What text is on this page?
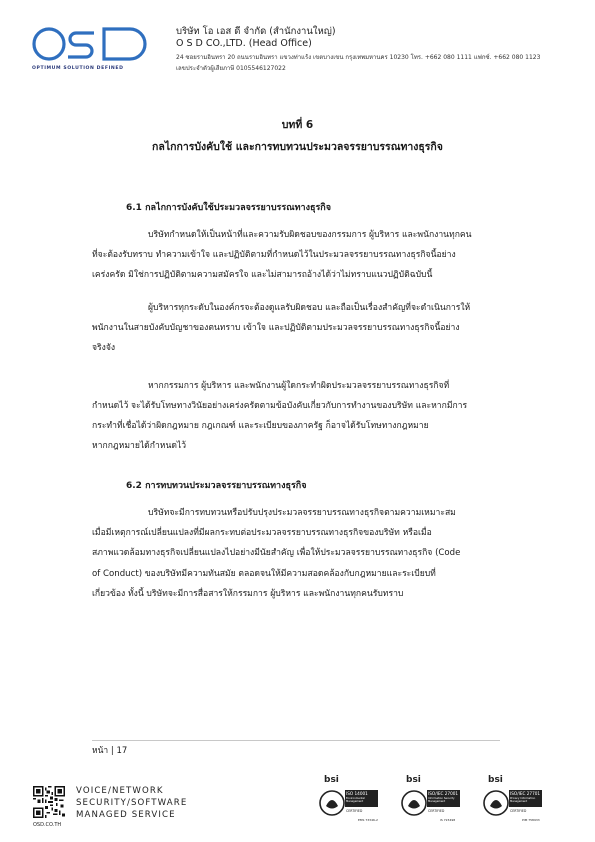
OPTIMUM SOLUTION DEFINED
บริษัท โอ เอส ดี จำกัด (สำนักงานใหญ่)
O S D CO.,LTD. (Head Office)
24 ซอยรามอินทรา 20 ถนนรามอินทรา แขวงท่าแร้ง เขตบางเขน กรุงเทพมหานคร 10230 โทร. +662 080 1111 แฟกซ์. +662 080 1123
เลขประจำตัวผู้เสียภาษี 0105546127022
บทที่ 6
กลไกการบังคับใช้ และการทบทวนประมวลจรรยาบรรณทางธุรกิจ
6.1 กลไกการบังคับใช้ประมวลจรรยาบรรณทางธุรกิจ
บริษัทกำหนดให้เป็นหน้าที่และความรับผิดชอบของกรรมการ ผู้บริหาร และพนักงานทุกคน
ที่จะต้องรับทราบ ทำความเข้าใจ และปฏิบัติตามที่กำหนดไว้ในประมวลจรรยาบรรณทางธุรกิจนี้อย่าง
เคร่งครัด มิใช่การปฏิบัติตามความสมัครใจ และไม่สามารถอ้างได้ว่าไม่ทราบแนวปฏิบัติฉบับนี้
ผู้บริหารทุกระดับในองค์กรจะต้องดูแลรับผิดชอบ และถือเป็นเรื่องสำคัญที่จะดำเนินการให้
พนักงานในสายบังคับบัญชาของตนทราบ เข้าใจ และปฏิบัติตามประมวลจรรยาบรรณทางธุรกิจนี้อย่าง
จริงจัง
หากกรรมการ ผู้บริหาร และพนักงานผู้ใดกระทำผิดประมวลจรรยาบรรณทางธุรกิจที่
กำหนดไว้ จะได้รับโทษทางวินัยอย่างเคร่งครัดตามข้อบังคับเกี่ยวกับการทำงานของบริษัท และหากมีการ
กระทำที่เชื่อได้ว่าผิดกฎหมาย กฎเกณฑ์ และระเบียบของภาครัฐ ก็อาจได้รับโทษทางกฎหมาย
หากกฎหมายได้กำหนดไว้
6.2 การทบทวนประมวลจรรยาบรรณทางธุรกิจ
บริษัทจะมีการทบทวนหรือปรับปรุงประมวลจรรยาบรรณทางธุรกิจตามความเหมาะสม
เมื่อมีเหตุการณ์เปลี่ยนแปลงที่มีผลกระทบต่อประมวลจรรยาบรรณทางธุรกิจของบริษัท หรือเมื่อ
สภาพแวดล้อมทางธุรกิจเปลี่ยนแปลงไปอย่างมีนัยสำคัญ เพื่อให้ประมวลจรรยาบรรณทางธุรกิจ (Code
of Conduct) ของบริษัทมีความทันสมัย ตลอดจนให้มีความสอดคล้องกับกฎหมายและระเบียบที่
เกี่ยวข้อง ทั้งนี้ บริษัทจะมีการสื่อสารให้กรรมการ ผู้บริหาร และพนักงานทุกคนรับทราบ
หน้า | 17
OSD.CO.TH
VOICE/NETWORK
SECURITY/SOFTWARE
MANAGED SERVICE
bsi
ISO 14001
Environmental Management
CERTIFIED
EMS 73346-2
bsi
ISO/IEC 27001
Information Security Management
CERTIFIED
IS 723498
bsi
ISO/IEC 27701
Privacy Information Management
CERTIFIED
PIM 758933
